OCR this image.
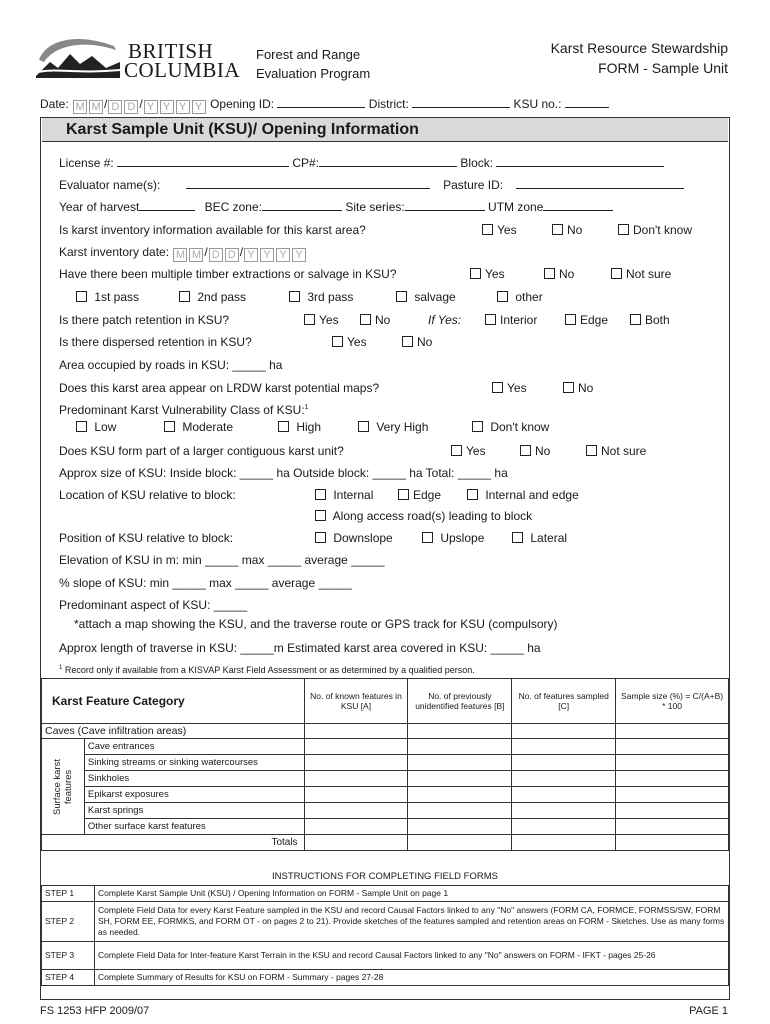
BRITISH
COLUMBIA
Forest and Range
Evaluation Program
Karst Resource Stewardship
FORM - Sample Unit
Date: M M / D D / Y Y Y Y Opening ID:	District:	KSU no.:
Karst Sample Unit (KSU)/ Opening Information
License #:	CP#:	Block:
Evaluator name(s):	Pasture ID:
Year of harvest	BEC zone:	Site series:	UTM zone
Is karst inventory information available for this karst area?	Yes	No	Don't know
Karst inventory date: M M / D D / Y Y Y Y
Have there been multiple timber extractions or salvage in KSU?	Yes	No	Not sure
1st pass	2nd pass	3rd pass	salvage	other
Is there patch retention in KSU?	Yes	No	If Yes:	Interior	Edge	Both
Is there dispersed retention in KSU?	Yes	No
Area occupied by roads in KSU: _____ ha
Does this karst area appear on LRDW karst potential maps?	Yes	No
Predominant Karst Vulnerability Class of KSU:$^1$
Low	Moderate	High	Very High	Don't know
Does KSU form part of a larger contiguous karst unit?	Yes	No	Not sure
Approx size of KSU: Inside block: _____ ha Outside block: _____ ha Total: _____ ha
Location of KSU relative to block:	Internal	Edge	Internal and edge
Along access road(s) leading to block
Position of KSU relative to block:	Downslope	Upslope	Lateral
Elevation of KSU in m: min _____ max _____ average _____
% slope of KSU: min _____ max _____ average _____
Predominant aspect of KSU: _____
*attach a map showing the KSU, and the traverse route or GPS track for KSU (compulsory)
Approx length of traverse in KSU: _____m Estimated karst area covered in KSU: _____ ha
$^1$ Record only if available from a KISVAP Karst Field Assessment or as determined by a qualified person.
Karst Feature Category		No. of known features in KSU [A]	No. of previously unidentified features [B]	No. of features sampled [C]	Sample size (%) = C/(A+B) * 100
Caves (Cave infiltration areas)					

Surface karst features	Cave entrances				
	Sinking streams or sinking watercourses				
	Sinkholes				
	Epikarst exposures				
	Karst springs				
	Other surface karst features				
Totals					
INSTRUCTIONS FOR COMPLETING FIELD FORMS
STEP 1	Complete Karst Sample Unit (KSU) / Opening Information on FORM - Sample Unit on page 1
STEP 2	Complete Field Data for every Karst Feature sampled in the KSU and record Causal Factors linked to any "No" answers (FORM CA, FORMCE, FORMSS/SW, FORM SH, FORM EE, FORMKS, and FORM OT - on pages 2 to 21). Provide sketches of the features sampled and retention areas on FORM - Sketches. Use as many forms as needed.
STEP 3	Complete Field Data for Inter-feature Karst Terrain in the KSU and record Causal Factors linked to any "No" answers on FORM - IFKT - pages 25-26
STEP 4	Complete Summary of Results for KSU on FORM - Summary - pages 27-28
FS 1253 HFP 2009/07	PAGE 1
